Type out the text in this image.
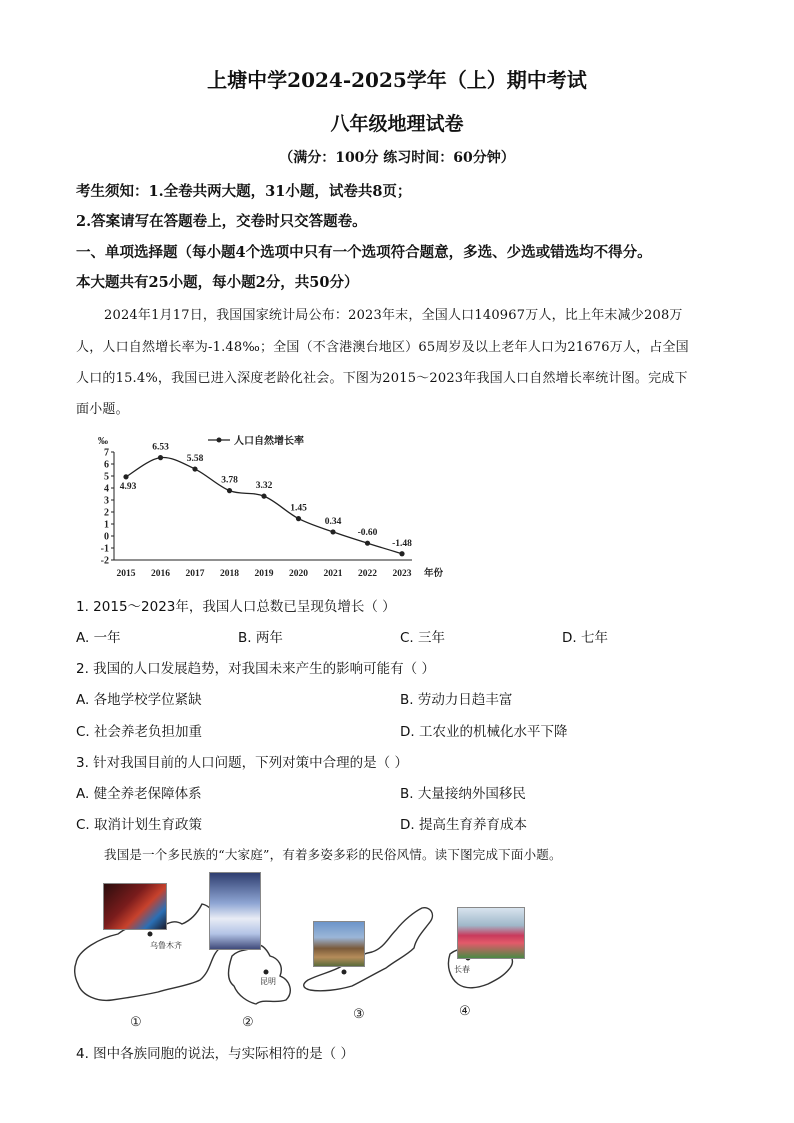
上塘中学2024-2025学年（上）期中考试
八年级地理试卷
（满分：100分 练习时间：60分钟）
考生须知：1.全卷共两大题，31小题，试卷共8页；
2.答案请写在答题卷上，交卷时只交答题卷。
一、单项选择题（每小题4个选项中只有一个选项符合题意，多选、少选或错选均不得分。
本大题共有25小题，每小题2分，共50分）
2024年1月17日，我国国家统计局公布：2023年末，全国人口140967万人，比上年末减少208万
人，人口自然增长率为-1.48‰；全国（不含港澳台地区）65周岁及以上老年人口为21676万人，占全国
人口的15.4%，我国已进入深度老龄化社会。下图为2015～2023年我国人口自然增长率统计图。完成下
面小题。
7
6
5
4
3
2
1
0
-1
-2
‰
2015 2016 2017 2018 2019 2020 2021 2022 2023 年份
人口自然增长率
4.93
6.53
5.58
3.78
3.32
1.45
0.34
-0.60
-1.48
1. 2015～2023年，我国人口总数已呈现负增长（ ）
A. 一年	B. 两年	C. 三年	D. 七年
2. 我国的人口发展趋势，对我国未来产生的影响可能有（ ）
A. 各地学校学位紧缺	B. 劳动力日趋丰富
C. 社会养老负担加重	D. 工农业的机械化水平下降
3. 针对我国目前的人口问题，下列对策中合理的是（ ）
A. 健全养老保障体系	B. 大量接纳外国移民
C. 取消计划生育政策	D. 提高生育养育成本
我国是一个多民族的“大家庭”，有着多姿多彩的民俗风情。读下图完成下面小题。
乌鲁木齐
①
昆明
②
③
长春
④
4. 图中各族同胞的说法，与实际相符的是（ ）
